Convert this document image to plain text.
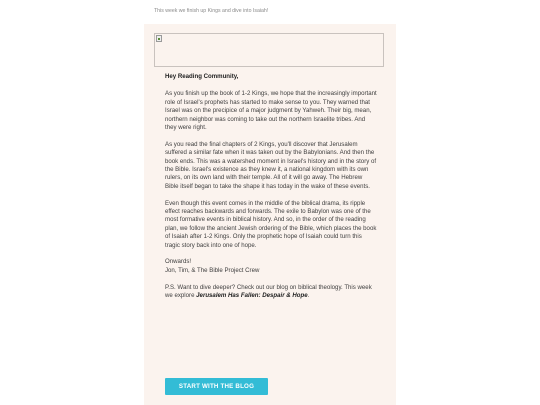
This week we finish up Kings and dive into Isaiah!

Hey Reading Community,

As you finish up the book of 1-2 Kings, we hope that the increasingly important role of Israel's prophets has started to make sense to you. They warned that Israel was on the precipice of a major judgment by Yahweh. Their big, mean, northern neighbor was coming to take out the northern Israelite tribes. And they were right.

As you read the final chapters of 2 Kings, you'll discover that Jerusalem suffered a similar fate when it was taken out by the Babylonians. And then the book ends. This was a watershed moment in Israel's history and in the story of the Bible. Israel's existence as they knew it, a national kingdom with its own rulers, on its own land with their temple. All of it will go away. The Hebrew Bible itself began to take the shape it has today in the wake of these events.

Even though this event comes in the middle of the biblical drama, its ripple effect reaches backwards and forwards. The exile to Babylon was one of the most formative events in biblical history. And so, in the order of the reading plan, we follow the ancient Jewish ordering of the Bible, which places the book of Isaiah after 1-2 Kings. Only the prophetic hope of Isaiah could turn this tragic story back into one of hope.

Onwards!

Jon, Tim, & The Bible Project Crew

P.S. Want to dive deeper? Check out our blog on biblical theology. This week we explore Jerusalem Has Fallen: Despair & Hope.

START WITH THE BLOG
